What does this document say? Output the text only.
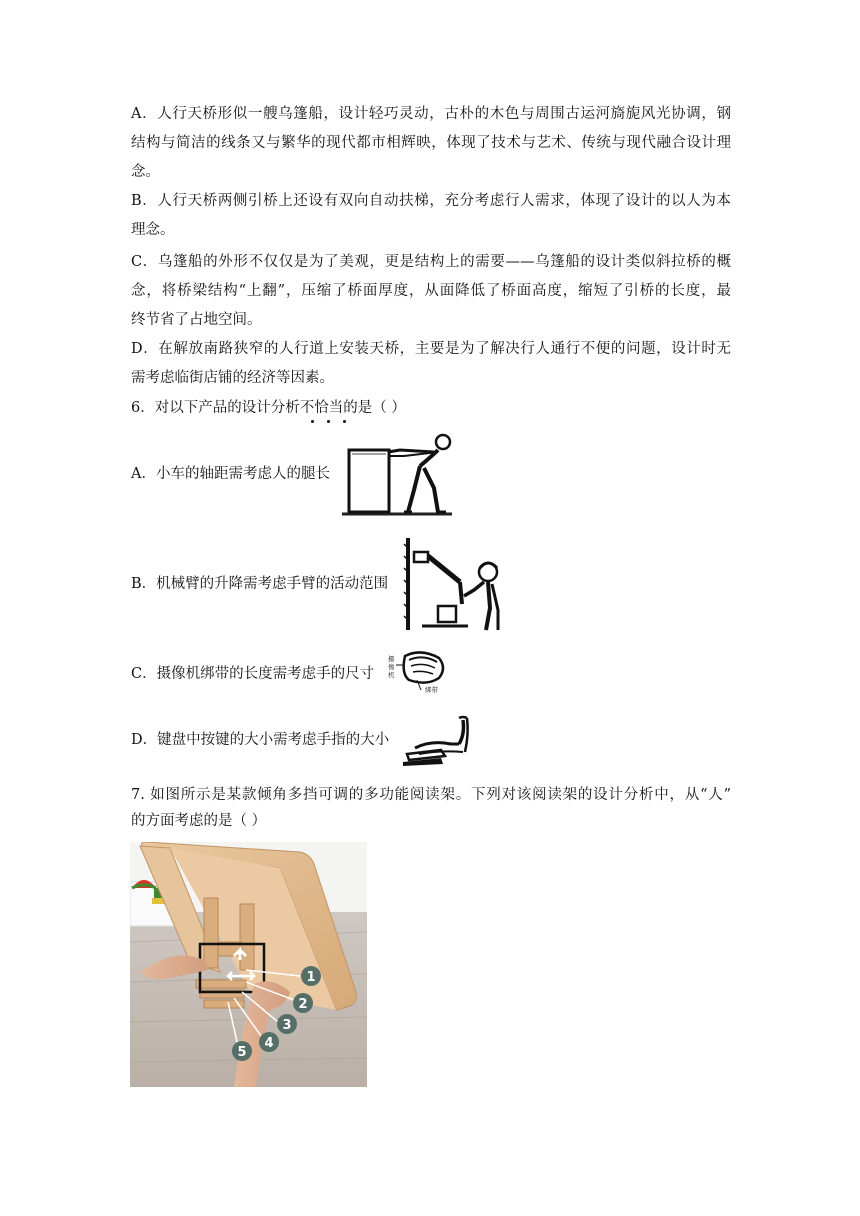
A．人行天桥形似一艘乌篷船，设计轻巧灵动，古朴的木色与周围古运河旖旎风光协调，钢
结构与简洁的线条又与繁华的现代都市相辉映，体现了技术与艺术、传统与现代融合设计理
念。
B．人行天桥两侧引桥上还设有双向自动扶梯，充分考虑行人需求，体现了设计的以人为本
理念。
C．乌篷船的外形不仅仅是为了美观，更是结构上的需要——乌篷船的设计类似斜拉桥的概
念，将桥梁结构“上翻”，压缩了桥面厚度，从面降低了桥面高度，缩短了引桥的长度，最
终节省了占地空间。
D．在解放南路狭窄的人行道上安装天桥，主要是为了解决行人通行不便的问题，设计时无
需考虑临街店铺的经济等因素。
6．对以下产品的设计分析不恰当的是（ ）
A．小车的轴距需考虑人的腿长
B．机械臂的升降需考虑手臂的活动范围
C．摄像机绑带的长度需考虑手的尺寸
摄
像
机
绑带
D．键盘中按键的大小需考虑手指的大小
7. 如图所示是某款倾角多挡可调的多功能阅读架。下列对该阅读架的设计分析中，从“人”
的方面考虑的是（ ）
1
2
3
4
5
